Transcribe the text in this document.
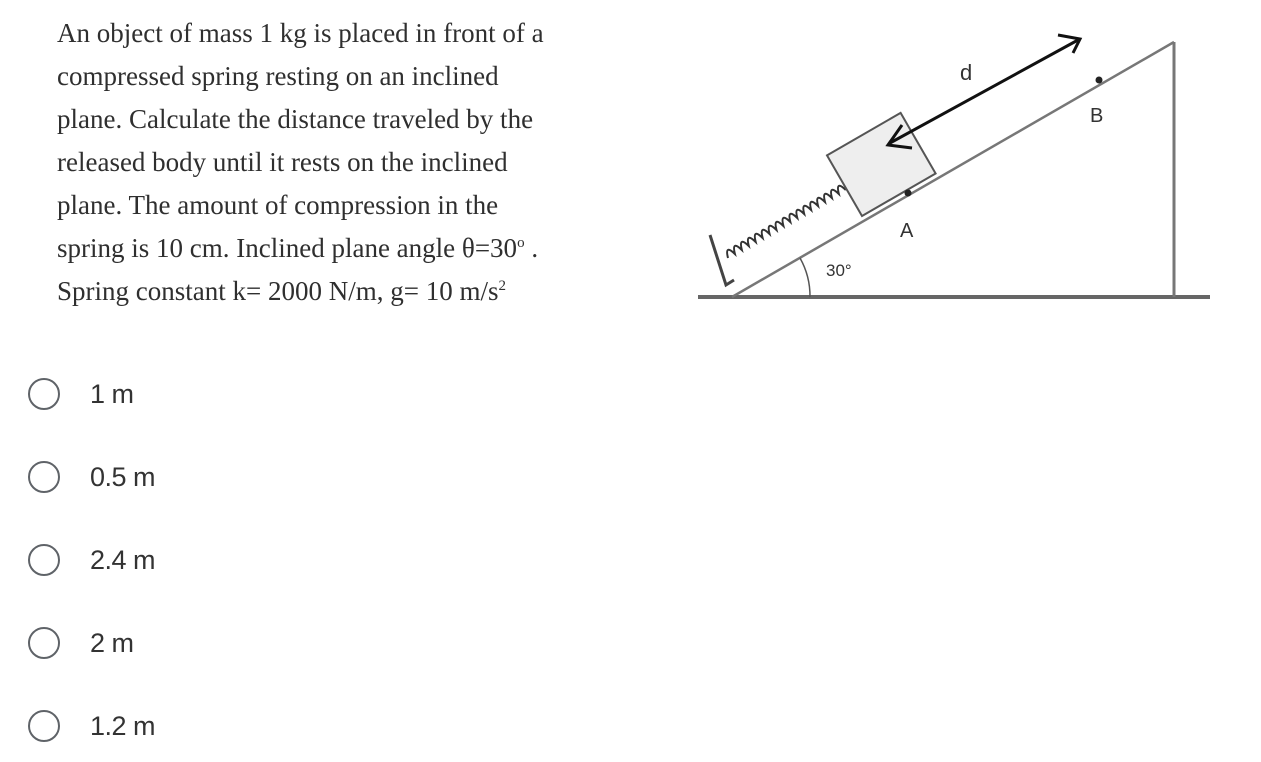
An object of mass 1 kg is placed in front of a
compressed spring resting on an inclined
plane. Calculate the distance traveled by the
released body until it rests on the inclined
plane. The amount of compression in the
spring is 10 cm. Inclined plane angle $\theta=30^o$ .
Spring constant k= 2000 N/m, g= 10 $m/s^2$
A
B
30°
d
1 m
0.5 m
2.4 m
2 m
1.2 m
